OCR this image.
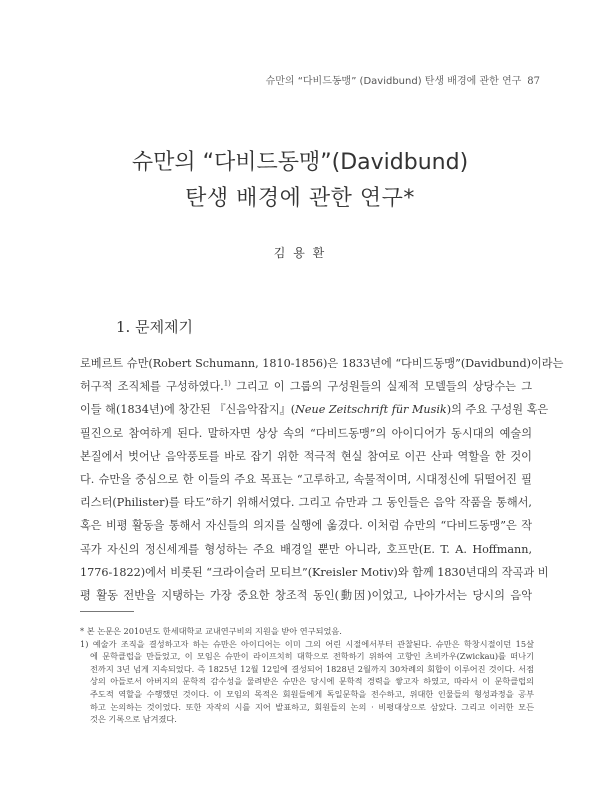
슈만의 “다비드동맹” (Davidbund) 탄생 배경에 관한 연구 87
슈만의 “다비드동맹”(Davidbund)
탄생 배경에 관한 연구*
김 용 환
1. 문제제기
로베르트 슈만(Robert Schumann, 1810-1856)은 1833년에 “다비드동맹”(Davidbund)이라는
허구적 조직체를 구성하였다.$^{1)}$ 그리고 이 그룹의 구성원들의 실제적 모델들의 상당수는 그
이들 해(1834년)에 창간된 『신음악잡지』(Neue Zeitschrift für Musik)의 주요 구성원 혹은
필진으로 참여하게 된다. 말하자면 상상 속의 “다비드동맹”의 아이디어가 동시대의 예술의
본질에서 벗어난 음악풍토를 바로 잡기 위한 적극적 현실 참여로 이끈 산파 역할을 한 것이
다. 슈만을 중심으로 한 이들의 주요 목표는 “고루하고, 속물적이며, 시대정신에 뒤떨어진 필
리스터(Philister)를 타도”하기 위해서였다. 그리고 슈만과 그 동인들은 음악 작품을 통해서,
혹은 비평 활동을 통해서 자신들의 의지를 실행에 옮겼다. 이처럼 슈만의 “다비드동맹”은 작
곡가 자신의 정신세계를 형성하는 주요 배경일 뿐만 아니라, 호프만(E. T. A. Hoffmann,
1776-1822)에서 비롯된 “크라이슬러 모티브”(Kreisler Motiv)와 함께 1830년대의 작곡과 비
평 활동 전반을 지탱하는 가장 중요한 창조적 동인(動因)이었고, 나아가서는 당시의 음악
* 본 논문은 2010년도 한세대학교 교내연구비의 지원을 받아 연구되었음.
1) 예술가 조직을 결성하고자 하는 슈만은 아이디어는 이미 그의 어린 시절에서부터 관찰된다. 슈만은 학창시절이던 15살
에 문학클럽을 만들었고, 이 모임은 슈만이 라이프치히 대학으로 전학하기 위하여 고향인 츠비카우(Zwickau)를 떠나기
전까지 3년 넘게 지속되었다. 즉 1825년 12월 12일에 결성되어 1828년 2월까지 30차례의 회합이 이루어진 것이다. 서점
상의 아들로서 아버지의 문학적 감수성을 물려받은 슈만은 당시에 문학적 경력을 쌓고자 하였고, 따라서 이 문학클럽의
주도적 역할을 수행했던 것이다. 이 모임의 목적은 회원들에게 독일문학을 전수하고, 위대한 인물들의 형성과정을 공부
하고 논의하는 것이었다. 또한 자작의 시를 지어 발표하고, 회원들의 논의 · 비평대상으로 삼았다. 그리고 이러한 모든
것은 기록으로 남겨졌다.
